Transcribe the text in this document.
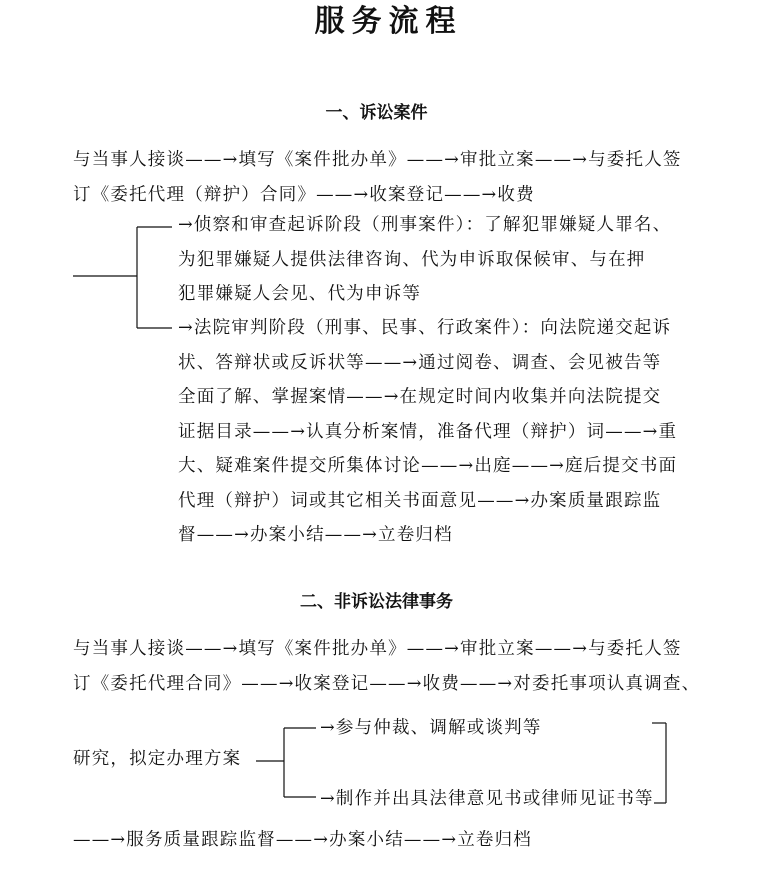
服务流程
一、诉讼案件
与当事人接谈——→填写《案件批办单》——→审批立案——→与委托人签
订《委托代理（辩护）合同》——→收案登记——→收费
→侦察和审查起诉阶段（刑事案件）：了解犯罪嫌疑人罪名、
为犯罪嫌疑人提供法律咨询、代为申诉取保候审、与在押
犯罪嫌疑人会见、代为申诉等
→法院审判阶段（刑事、民事、行政案件）：向法院递交起诉
状、答辩状或反诉状等——→通过阅卷、调查、会见被告等
全面了解、掌握案情——→在规定时间内收集并向法院提交
证据目录——→认真分析案情，准备代理（辩护）词——→重
大、疑难案件提交所集体讨论——→出庭——→庭后提交书面
代理（辩护）词或其它相关书面意见——→办案质量跟踪监
督——→办案小结——→立卷归档
二、非诉讼法律事务
与当事人接谈——→填写《案件批办单》——→审批立案——→与委托人签
订《委托代理合同》——→收案登记——→收费——→对委托事项认真调查、
研究，拟定办理方案
→参与仲裁、调解或谈判等
→制作并出具法律意见书或律师见证书等
——→服务质量跟踪监督——→办案小结——→立卷归档
